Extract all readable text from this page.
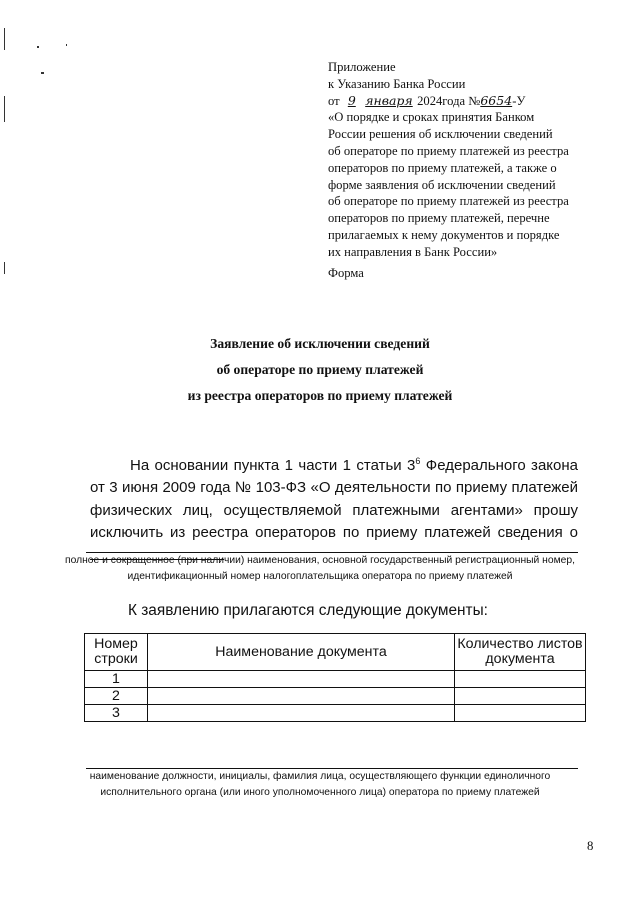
Приложение
к Указанию Банка России
от 9 января 2024года №6654-У
«О порядке и сроках принятия Банком
России решения об исключении сведений
об операторе по приему платежей из реестра
операторов по приему платежей, а также о
форме заявления об исключении сведений
об операторе по приему платежей из реестра
операторов по приему платежей, перечне
прилагаемых к нему документов и порядке
их направления в Банк России»
Форма
Заявление об исключении сведений
об операторе по приему платежей
из реестра операторов по приему платежей
На основании пункта 1 части 1 статьи $3^6$ Федерального закона от 3 июня 2009 года № 103-ФЗ «О деятельности по приему платежей физических лиц, осуществляемой платежными агентами» прошу исключить из реестра операторов по приему платежей сведения о
полное и сокращенное (при наличии) наименования, основной государственный регистрационный номер,
идентификационный номер налогоплательщика оператора по приему платежей
К заявлению прилагаются следующие документы:
Номер строки	Наименование документа	Количество листов документа
1		
2		
3		
наименование должности, инициалы, фамилия лица, осуществляющего функции единоличного
исполнительного органа (или иного уполномоченного лица) оператора по приему платежей
8
